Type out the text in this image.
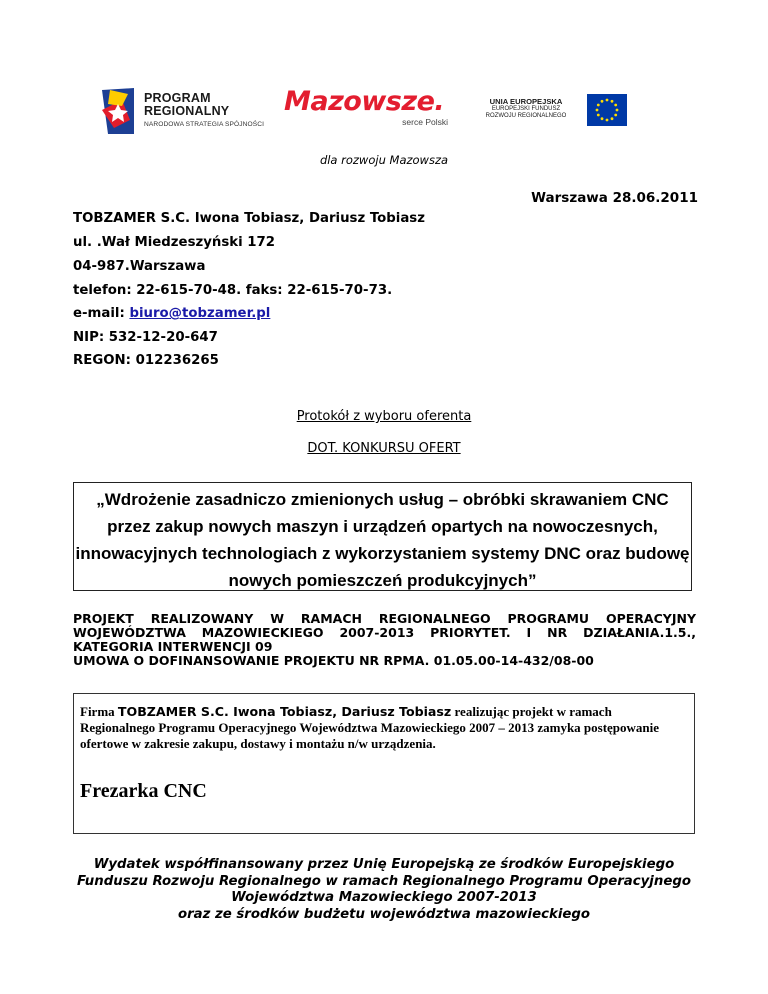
PROGRAM
REGIONALNY
NARODOWA STRATEGIA SPÓJNOŚCI
Mazowsze.
serce Polski
UNIA EUROPEJSKA
EUROPEJSKI FUNDUSZ
ROZWOJU REGIONALNEGO
dla rozwoju Mazowsza
Warszawa 28.06.2011
TOBZAMER S.C. Iwona Tobiasz, Dariusz Tobiasz
ul. .Wał Miedzeszyński 172
04-987.Warszawa
telefon: 22-615-70-48. faks: 22-615-70-73.
e-mail: biuro@tobzamer.pl
NIP: 532-12-20-647
REGON: 012236265
Protokół z wyboru oferenta
DOT. KONKURSU OFERT
„Wdrożenie zasadniczo zmienionych usług – obróbki skrawaniem CNC
przez zakup nowych maszyn i urządzeń opartych na nowoczesnych,
innowacyjnych technologiach z wykorzystaniem systemy DNC oraz budowę
nowych pomieszczeń produkcyjnych”
PROJEKT REALIZOWANY W RAMACH REGIONALNEGO PROGRAMU OPERACYJNY
WOJEWÓDZTWA MAZOWIECKIEGO 2007-2013 PRIORYTET. I NR DZIAŁANIA.1.5.,
KATEGORIA INTERWENCJI 09
UMOWA O DOFINANSOWANIE PROJEKTU NR RPMA. 01.05.00-14-432/08-00
Firma TOBZAMER S.C. Iwona Tobiasz, Dariusz Tobiasz realizując projekt w ramach Regionalnego Programu Operacyjnego Województwa Mazowieckiego 2007 – 2013 zamyka postępowanie ofertowe w zakresie zakupu, dostawy i montażu n/w urządzenia.
Frezarka CNC
Wydatek współfinansowany przez Unię Europejską ze środków Europejskiego
Funduszu Rozwoju Regionalnego w ramach Regionalnego Programu Operacyjnego
Województwa Mazowieckiego 2007-2013
oraz ze środków budżetu województwa mazowieckiego
